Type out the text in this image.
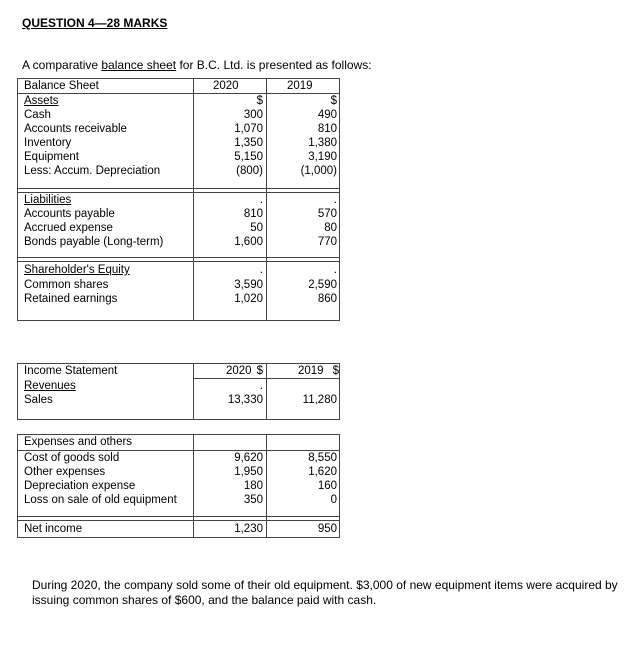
QUESTION 4—28 MARKS
A comparative balance sheet for B.C. Ltd. is presented as follows:
Balance Sheet	2020	2019
Assets	$	$
Cash	300	490
Accounts receivable	1,070	810
Inventory	1,350	1,380
Equipment	5,150	3,190
Less: Accum. Depreciation	(800)	(1,000)
Liabilities	.	.
Accounts payable	810	570
Accrued expense	50	80
Bonds payable (Long-term)	1,600	770
Shareholder's Equity	.	.
Common shares	3,590	2,590
Retained earnings	1,020	860
Income Statement	2020 $	2019 $
Revenues	.
Sales	13,330	11,280
Expenses and others
Cost of goods sold	9,620	8,550
Other expenses	1,950	1,620
Depreciation expense	180	160
Loss on sale of old equipment	350	0
Net income	1,230	950
During 2020, the company sold some of their old equipment. $3,000 of new equipment items were acquired by issuing common shares of $600, and the balance paid with cash.
